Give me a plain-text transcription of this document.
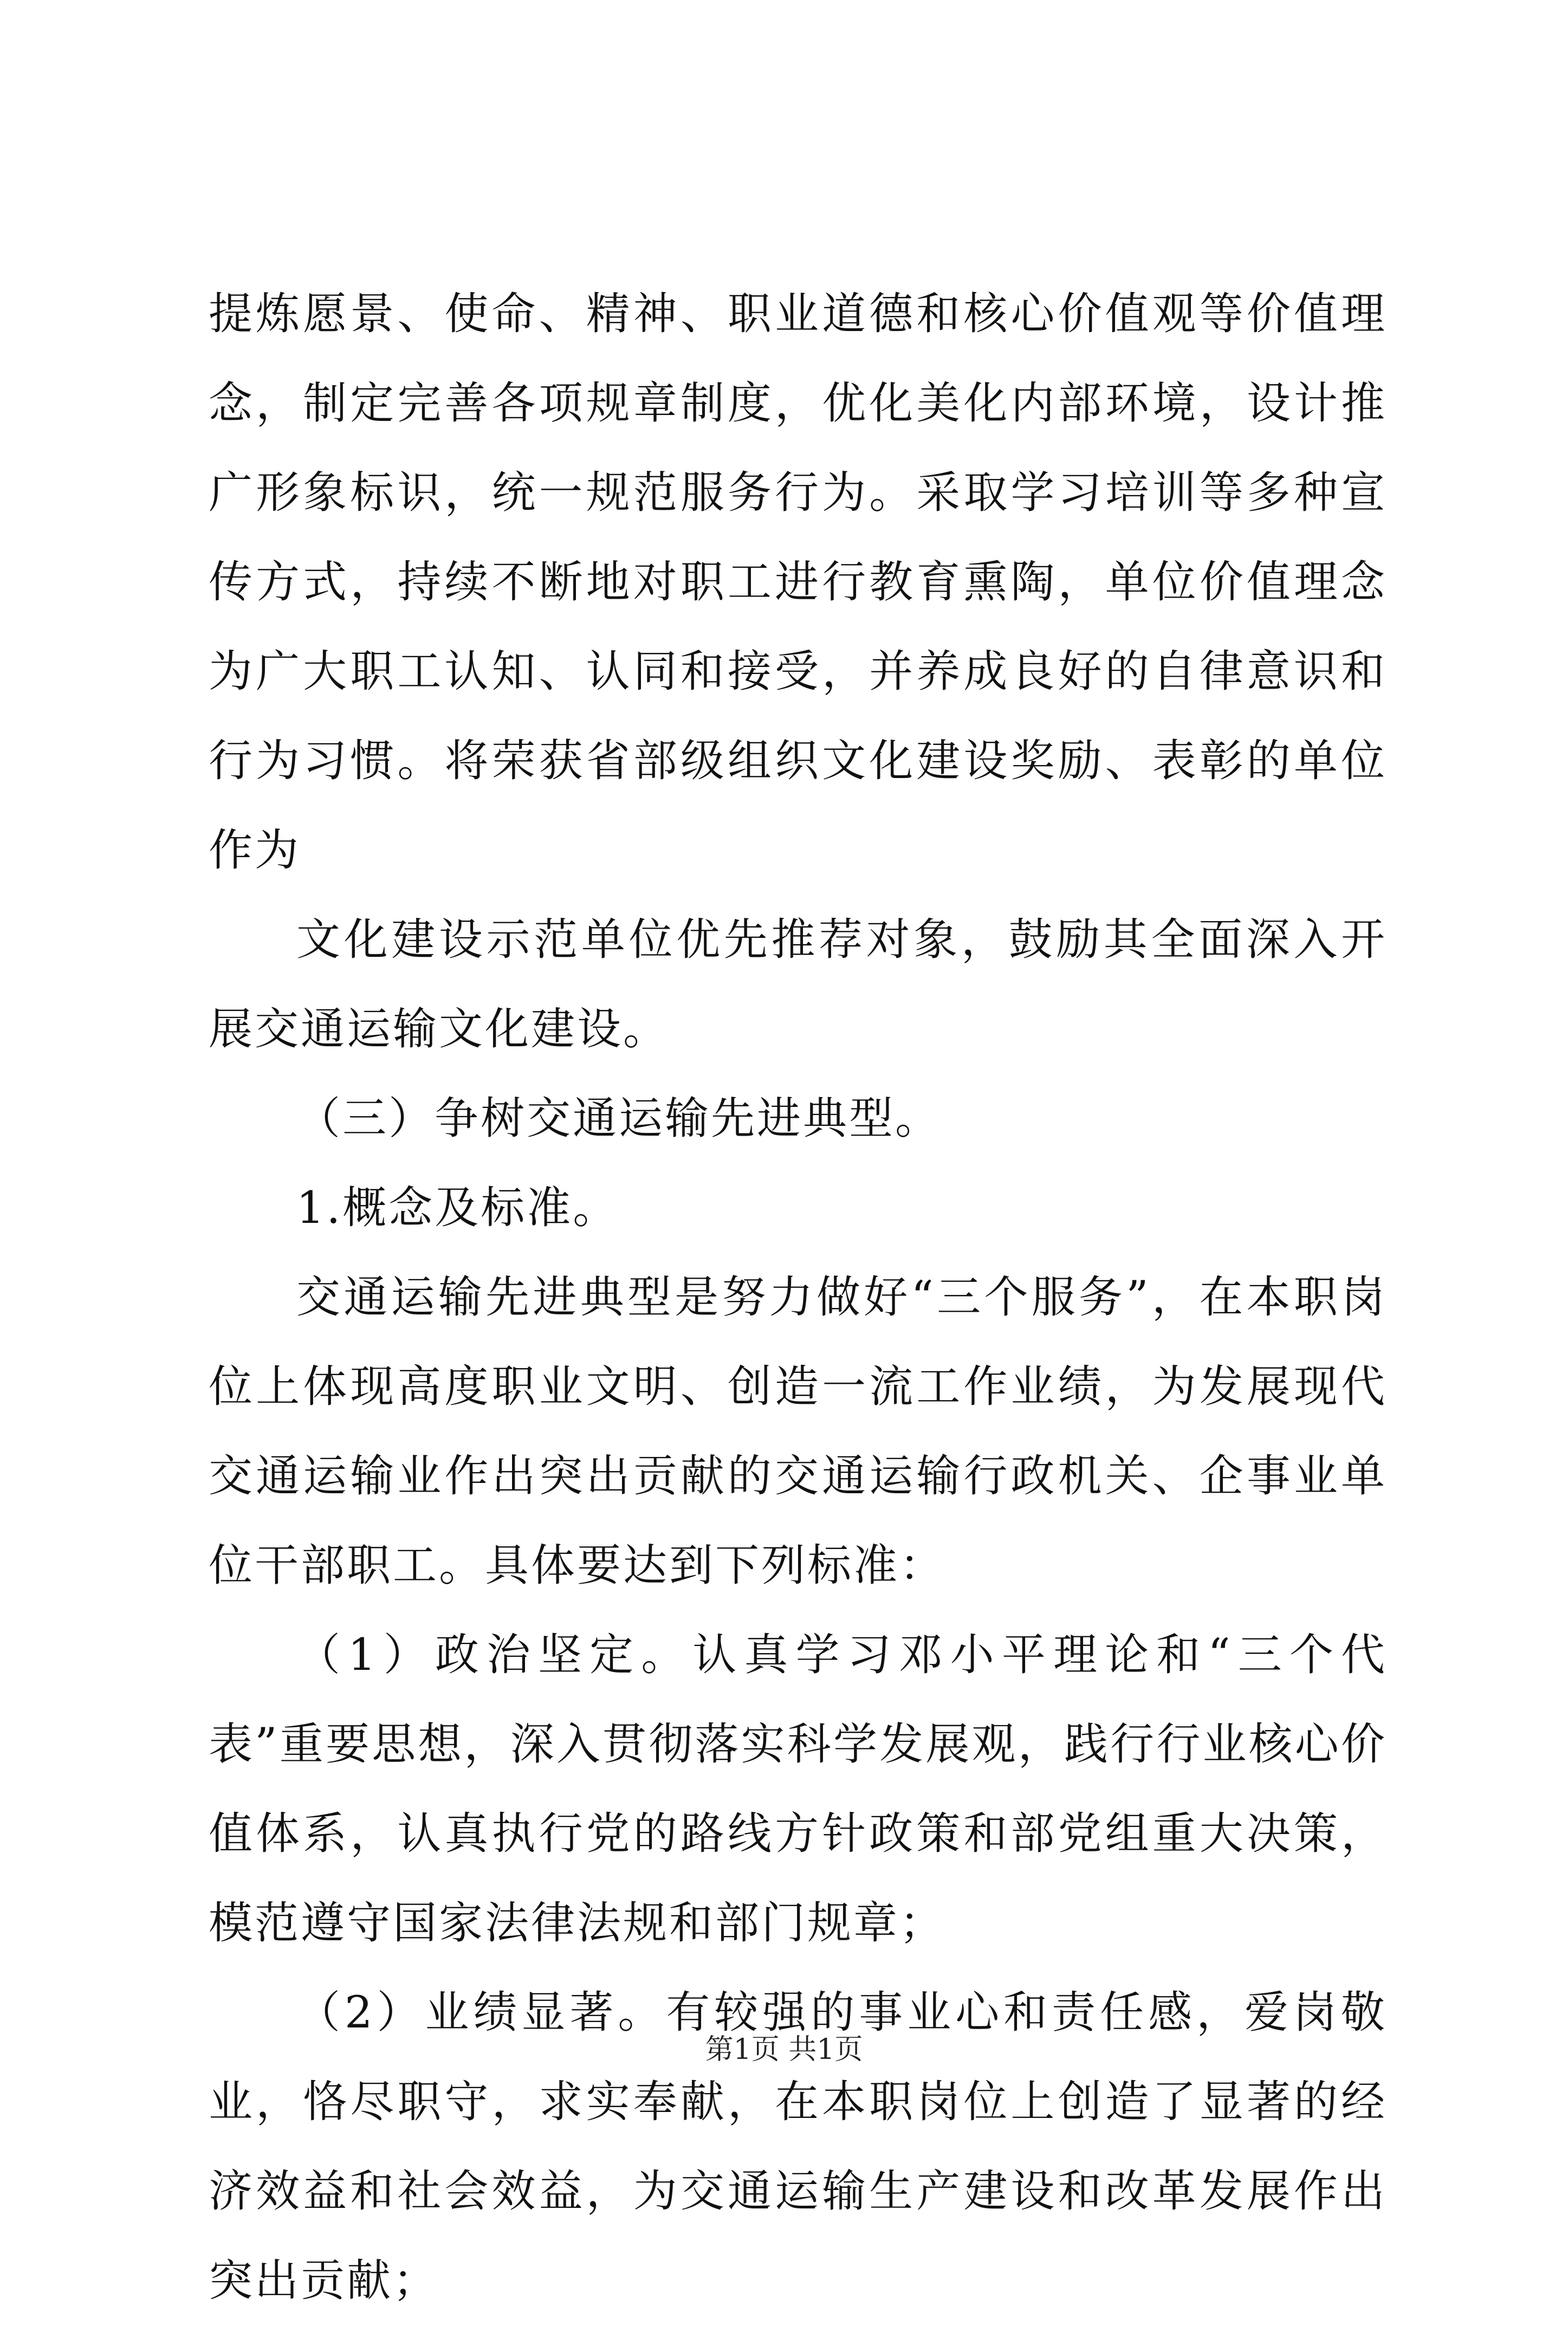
提炼愿景、使命、精神、职业道德和核心价值观等价值理念，制定完善各项规章制度，优化美化内部环境，设计推广形象标识，统一规范服务行为。采取学习培训等多种宣传方式，持续不断地对职工进行教育熏陶，单位价值理念为广大职工认知、认同和接受，并养成良好的自律意识和行为习惯。将荣获省部级组织文化建设奖励、表彰的单位作为

文化建设示范单位优先推荐对象，鼓励其全面深入开展交通运输文化建设。

（三）争树交通运输先进典型。

1.概念及标准。

交通运输先进典型是努力做好“三个服务”，在本职岗位上体现高度职业文明、创造一流工作业绩，为发展现代交通运输业作出突出贡献的交通运输行政机关、企事业单位干部职工。具体要达到下列标准：

（1）政治坚定。认真学习邓小平理论和“三个代表”重要思想，深入贯彻落实科学发展观，践行行业核心价值体系，认真执行党的路线方针政策和部党组重大决策，模范遵守国家法律法规和部门规章；

（2）业绩显著。有较强的事业心和责任感，爱岗敬业，恪尽职守，求实奉献，在本职岗位上创造了显著的经济效益和社会效益，为交通运输生产建设和改革发展作出突出贡献；

第1页 共1页
